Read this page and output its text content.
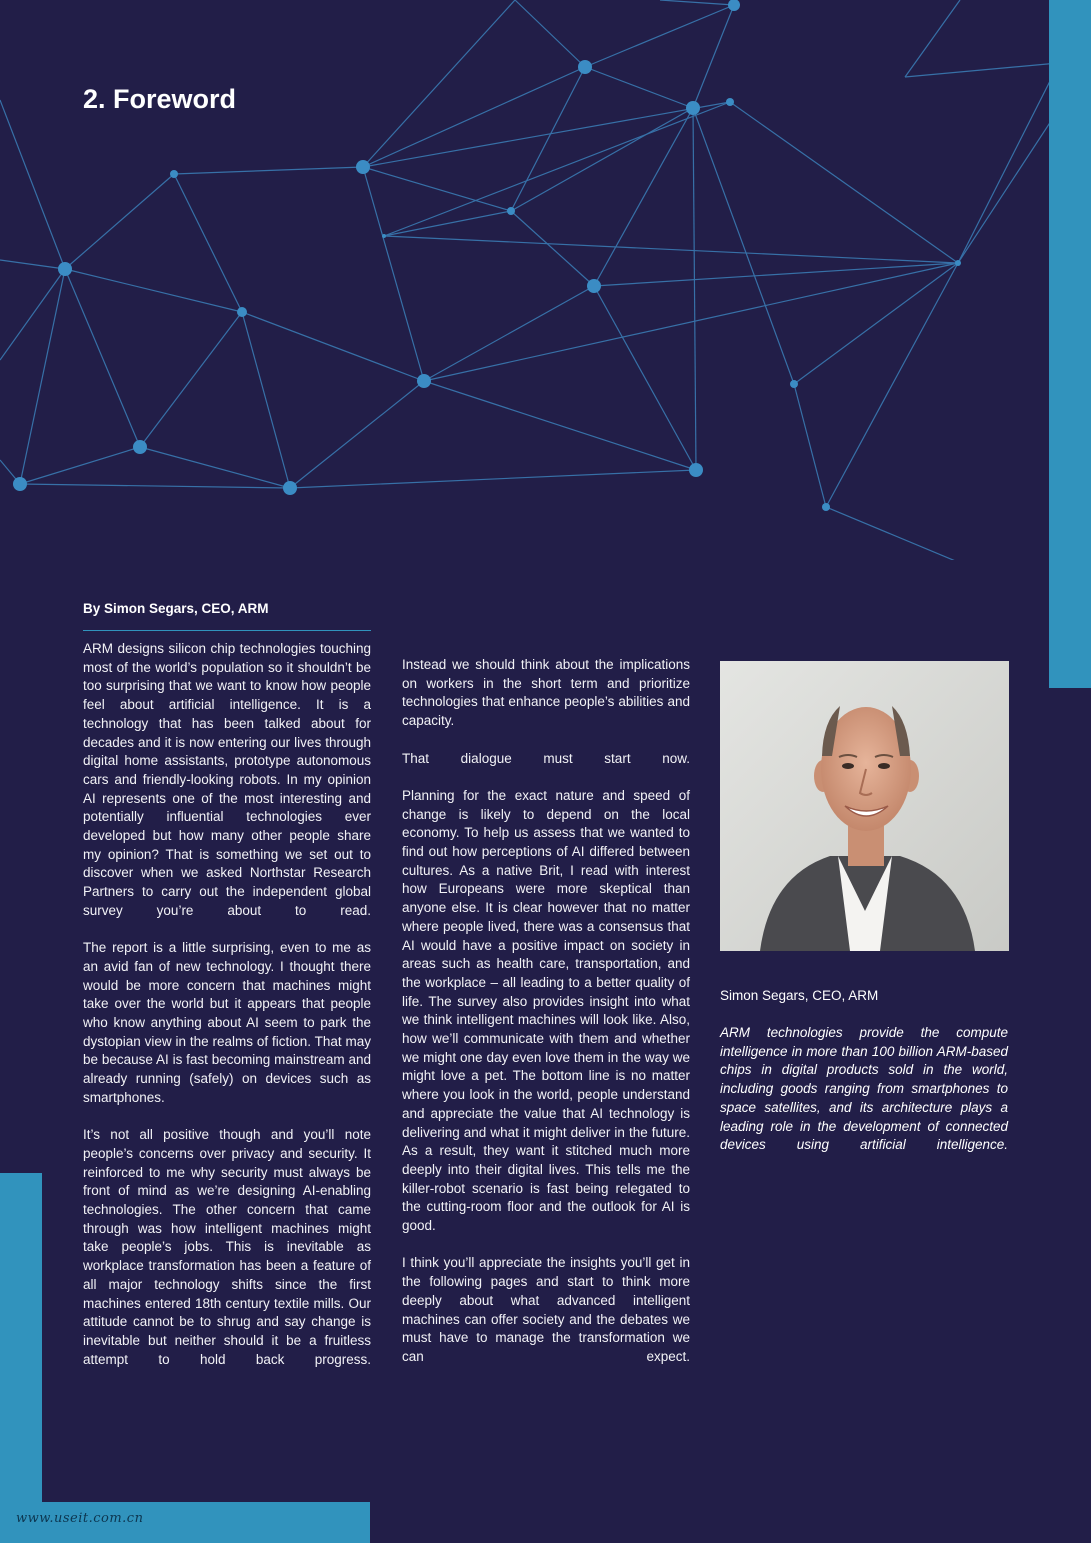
www.useit.com.cn
2. Foreword
By Simon Segars, CEO, ARM

ARM designs silicon chip technologies touching most of the world’s population so it shouldn’t be too surprising that we want to know how people feel about artificial intelligence. It is a technology that has been talked about for decades and it is now entering our lives through digital home assistants, prototype autonomous cars and friendly-looking robots. In my opinion AI represents one of the most interesting and potentially influential technologies ever developed but how many other people share my opinion? That is something we set out to discover when we asked Northstar Research Partners to carry out the independent global survey you’re about to read.

The report is a little surprising, even to me as an avid fan of new technology. I thought there would be more concern that machines might take over the world but it appears that people who know anything about AI seem to park the dystopian view in the realms of fiction. That may be because AI is fast becoming mainstream and already running (safely) on devices such as smartphones.

It’s not all positive though and you’ll note people’s concerns over privacy and security. It reinforced to me why security must always be front of mind as we’re designing AI-enabling technologies. The other concern that came through was how intelligent machines might take people’s jobs. This is inevitable as workplace transformation has been a feature of all major technology shifts since the first machines entered 18th century textile mills. Our attitude cannot be to shrug and say change is inevitable but neither should it be a fruitless attempt to hold back progress.

Instead we should think about the implications on workers in the short term and prioritize technologies that enhance people’s abilities and capacity.

That dialogue must start now.

Planning for the exact nature and speed of change is likely to depend on the local economy. To help us assess that we wanted to find out how perceptions of AI differed between cultures. As a native Brit, I read with interest how Europeans were more skeptical than anyone else. It is clear however that no matter where people lived, there was a consensus that AI would have a positive impact on society in areas such as health care, transportation, and the workplace – all leading to a better quality of life. The survey also provides insight into what we think intelligent machines will look like. Also, how we’ll communicate with them and whether we might one day even love them in the way we might love a pet. The bottom line is no matter where you look in the world, people understand and appreciate the value that AI technology is delivering and what it might deliver in the future. As a result, they want it stitched much more deeply into their digital lives. This tells me the killer-robot scenario is fast being relegated to the cutting-room floor and the outlook for AI is good.

I think you’ll appreciate the insights you’ll get in the following pages and start to think more deeply about what advanced intelligent machines can offer society and the debates we must have to manage the transformation we can expect.

Simon Segars, CEO, ARM
ARM technologies provide the compute intelligence in more than 100 billion ARM-based chips in digital products sold in the world, including goods ranging from smartphones to space satellites, and its architecture plays a leading role in the development of connected devices using artificial intelligence.
